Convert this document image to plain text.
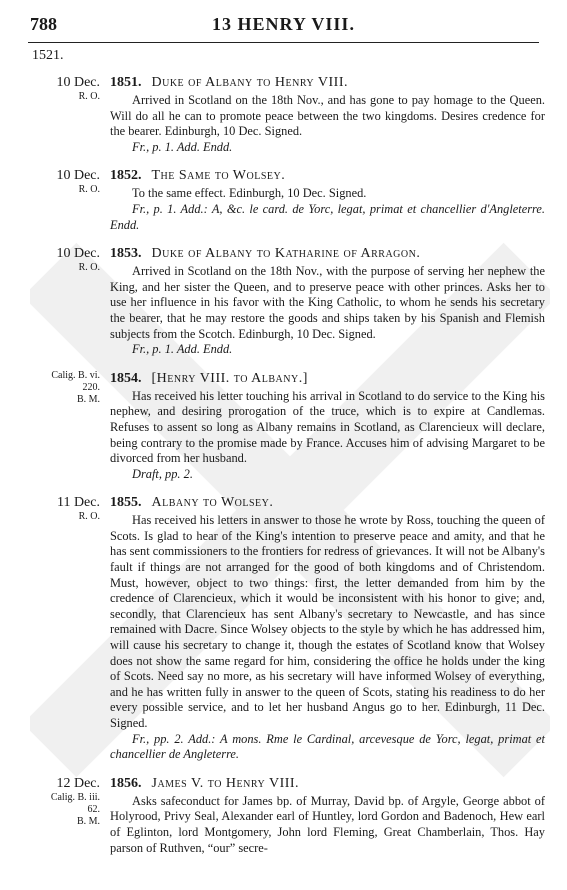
13 HENRY VIII.
788
1521.
10 Dec.
R. O.
1851. Duke of Albany to Henry VIII.
Arrived in Scotland on the 18th Nov., and has gone to pay homage to the Queen. Will do all he can to promote peace between the two kingdoms. Desires credence for the bearer. Edinburgh, 10 Dec. Signed.
Fr., p. 1. Add. Endd.
10 Dec.
R. O.
1852. The Same to Wolsey.
To the same effect. Edinburgh, 10 Dec. Signed.
Fr., p. 1. Add.: A, &c. le card. de Yorc, legat, primat et chancellier d'Angleterre. Endd.
10 Dec.
R. O.
1853. Duke of Albany to Katharine of Arragon.
Arrived in Scotland on the 18th Nov., with the purpose of serving her nephew the King, and her sister the Queen, and to preserve peace with other princes. Asks her to use her influence in his favor with the King Catholic, to whom he sends his secretary the bearer, that he may restore the goods and ships taken by his Spanish and Flemish subjects from the Scotch. Edinburgh, 10 Dec. Signed.
Fr., p. 1. Add. Endd.
Calig. B. vi.
220.
B. M.
1854. [Henry VIII. to Albany.]
Has received his letter touching his arrival in Scotland to do service to the King his nephew, and desiring prorogation of the truce, which is to expire at Candlemas. Refuses to assent so long as Albany remains in Scotland, as Clarencieux will declare, being contrary to the promise made by France. Accuses him of advising Margaret to be divorced from her husband.
Draft, pp. 2.
11 Dec.
R. O.
1855. Albany to Wolsey.
Has received his letters in answer to those he wrote by Ross, touching the queen of Scots. Is glad to hear of the King's intention to preserve peace and amity, and that he has sent commissioners to the frontiers for redress of grievances. It will not be Albany's fault if things are not arranged for the good of both kingdoms and of Christendom. Must, however, object to two things: first, the letter demanded from him by the credence of Clarencieux, which it would be inconsistent with his honor to give; and, secondly, that Clarencieux has sent Albany's secretary to Newcastle, and has since remained with Dacre. Since Wolsey objects to the style by which he has addressed him, will cause his secretary to change it, though the estates of Scotland know that Wolsey does not show the same regard for him, considering the office he holds under the king of Scots. Need say no more, as his secretary will have informed Wolsey of everything, and he has written fully in answer to the queen of Scots, stating his readiness to do her every possible service, and to let her husband Angus go to her. Edinburgh, 11 Dec. Signed.
Fr., pp. 2. Add.: A mons. Rme le Cardinal, arcevesque de Yorc, legat, primat et chancellier de Angleterre.
12 Dec.
Calig. B. iii.
62.
B. M.
1856. James V. to Henry VIII.
Asks safeconduct for James bp. of Murray, David bp. of Argyle, George abbot of Holyrood, Privy Seal, Alexander earl of Huntley, lord Gordon and Badenoch, Hew earl of Eglinton, lord Montgomery, John lord Fleming, Great Chamberlain, Thos. Hay parson of Ruthven, “our” secre-
